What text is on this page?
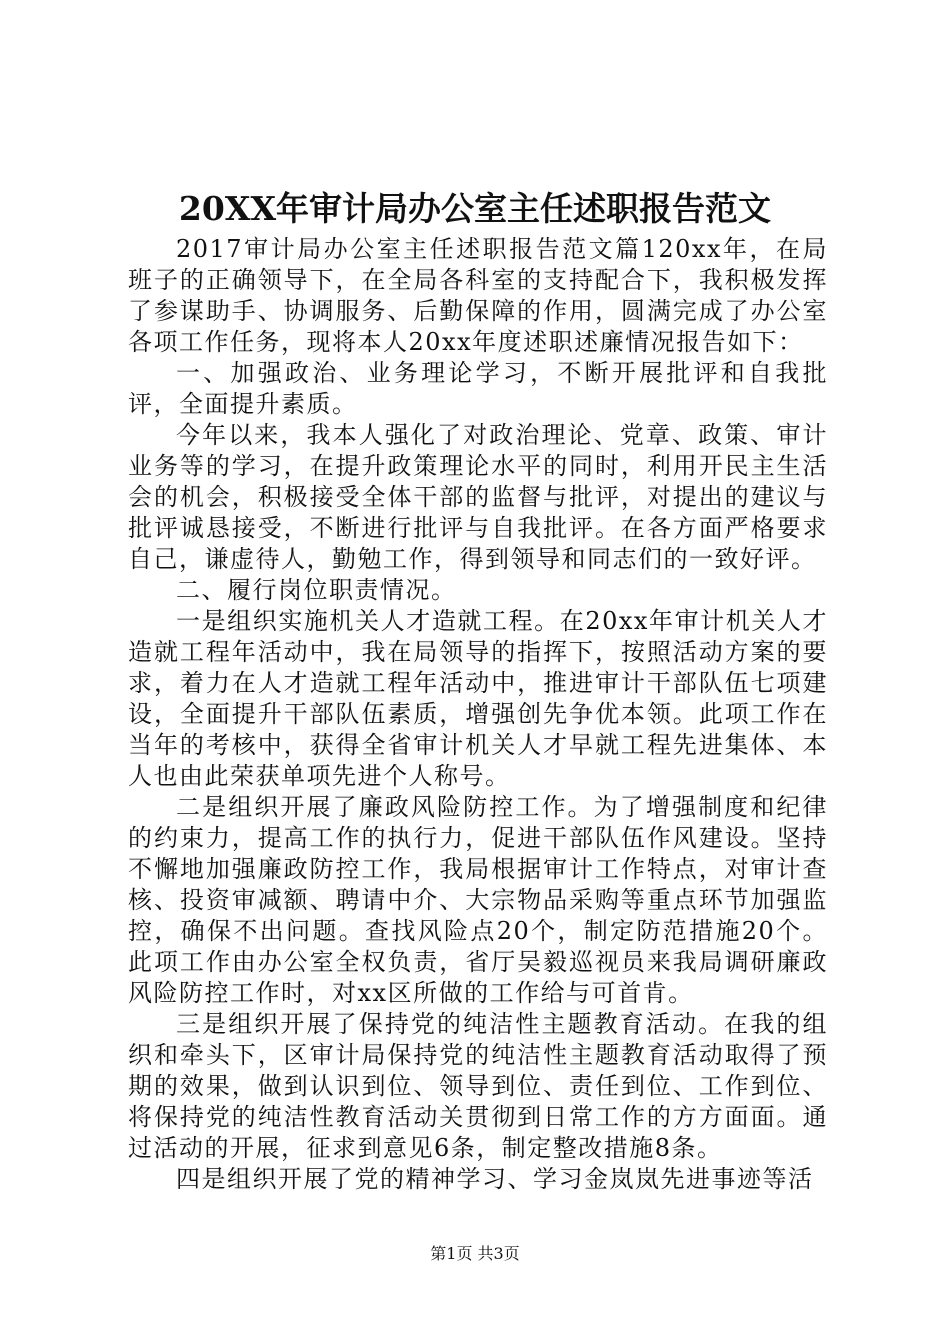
20XX年审计局办公室主任述职报告范文

2017审计局办公室主任述职报告范文篇120xx年，在局班子的正确领导下，在全局各科室的支持配合下，我积极发挥了参谋助手、协调服务、后勤保障的作用，圆满完成了办公室各项工作任务，现将本人20xx年度述职述廉情况报告如下：

一、加强政治、业务理论学习，不断开展批评和自我批评，全面提升素质。

今年以来，我本人强化了对政治理论、党章、政策、审计业务等的学习，在提升政策理论水平的同时，利用开民主生活会的机会，积极接受全体干部的监督与批评，对提出的建议与批评诚恳接受，不断进行批评与自我批评。在各方面严格要求自己，谦虚待人，勤勉工作，得到领导和同志们的一致好评。

二、履行岗位职责情况。

一是组织实施机关人才造就工程。在20xx年审计机关人才造就工程年活动中，我在局领导的指挥下，按照活动方案的要求，着力在人才造就工程年活动中，推进审计干部队伍七项建设，全面提升干部队伍素质，增强创先争优本领。此项工作在当年的考核中，获得全省审计机关人才早就工程先进集体、本人也由此荣获单项先进个人称号。

二是组织开展了廉政风险防控工作。为了增强制度和纪律的约束力，提高工作的执行力，促进干部队伍作风建设。坚持不懈地加强廉政防控工作，我局根据审计工作特点，对审计查核、投资审减额、聘请中介、大宗物品采购等重点环节加强监控，确保不出问题。查找风险点20个，制定防范措施20个。此项工作由办公室全权负责，省厅吴毅巡视员来我局调研廉政风险防控工作时，对xx区所做的工作给与可首肯。

三是组织开展了保持党的纯洁性主题教育活动。在我的组织和牵头下，区审计局保持党的纯洁性主题教育活动取得了预期的效果，做到认识到位、领导到位、责任到位、工作到位、将保持党的纯洁性教育活动关贯彻到日常工作的方方面面。通过活动的开展，征求到意见6条，制定整改措施8条。

四是组织开展了党的精神学习、学习金岚岚先进事迹等活

第1页 共3页
